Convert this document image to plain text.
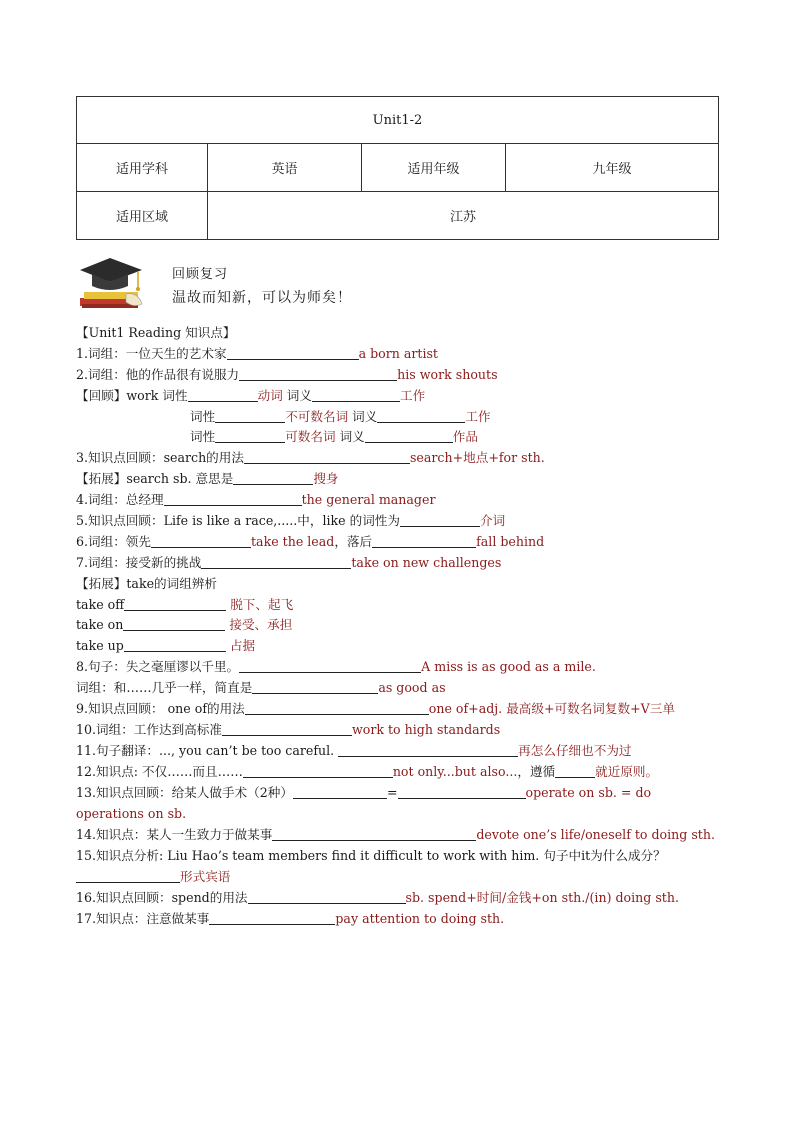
Unit1-2			
适用学科	英语	适用年级	九年级
适用区域	江苏		
回顾复习
温故而知新，可以为师矣！
【Unit1 Reading 知识点】
1.词组：一位天生的艺术家	a born artist
2.词组：他的作品很有说服力	his work shouts
【回顾】work 词性	动词 词义	工作
词性	不可数名词 词义	工作
词性	可数名词 词义	作品
3.知识点回顾：search的用法	search+地点+for sth.
【拓展】search sb. 意思是	搜身
4.词组：总经理	the general manager
5.知识点回顾：Life is like a race,.....中，like 的词性为	介词
6.词组：领先	take the lead，落后	fall behind
7.词组：接受新的挑战	take on new challenges
【拓展】take的词组辨析
take off	脱下、起飞
take on	接受、承担
take up	占据
8.句子：失之毫厘谬以千里。	A miss is as good as a mile.
词组：和……几乎一样，简直是	as good as
9.知识点回顾： one of的用法	one of+adj. 最高级+可数名词复数+V三单
10.词组：工作达到高标准	work to high standards
11.句子翻译：..., you can’t be too careful.	再怎么仔细也不为过
12.知识点: 不仅……而且……	not only...but also...，遵循	就近原则。
13.知识点回顾：给某人做手术（2种）	=	operate on sb. = do operations on sb.
14.知识点：某人一生致力于做某事	devote one’s life/oneself to doing sth.
15.知识点分析: Liu Hao’s team members find it difficult to work with him. 句子中it为什么成分？
形式宾语
16.知识点回顾：spend的用法	sb. spend+时间/金钱+on sth./(in) doing sth.
17.知识点：注意做某事	pay attention to doing sth.
